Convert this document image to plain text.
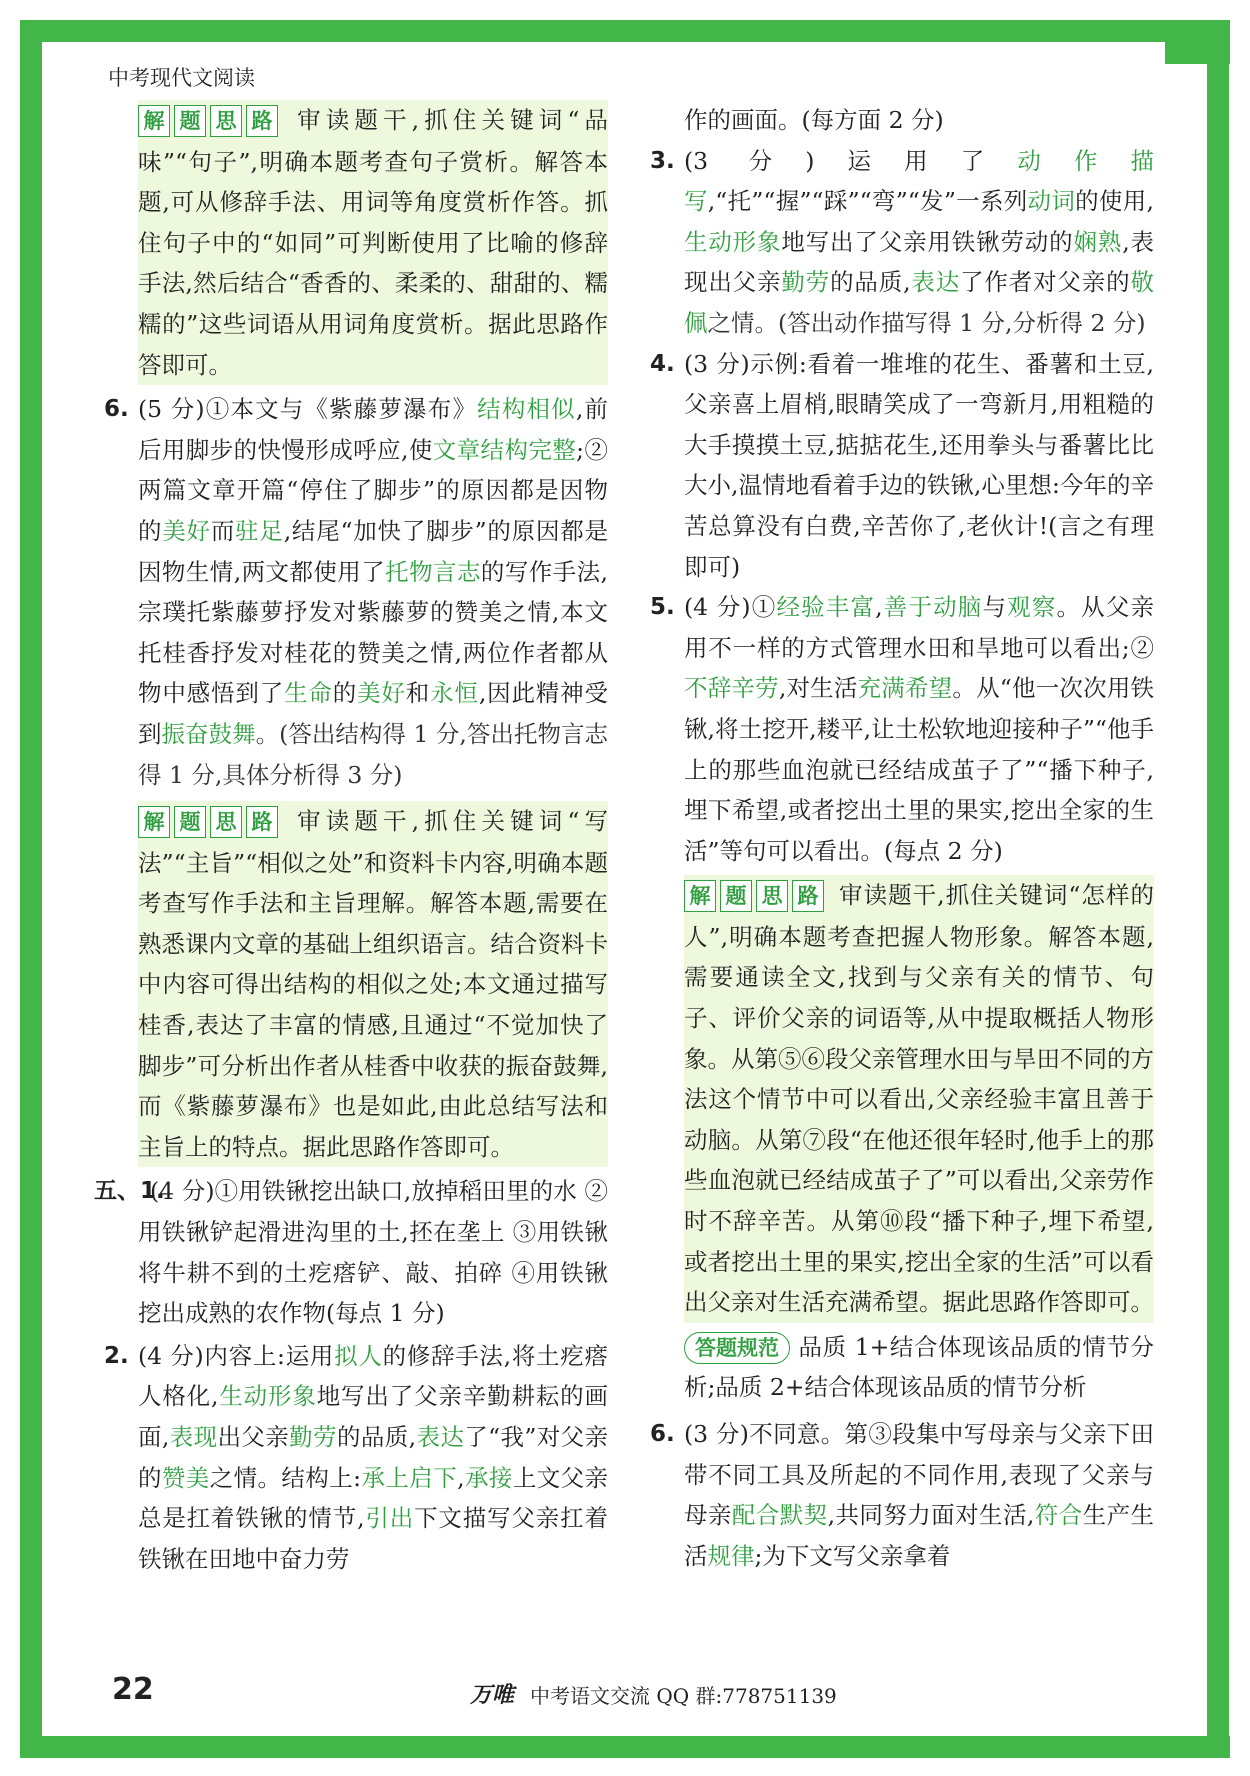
中考现代文阅读
解 题 思 路 审读题干,抓住关键词“品味”“句子”,明确本题考查句子赏析。解答本题,可从修辞手法、用词等角度赏析作答。抓住句子中的“如同”可判断使用了比喻的修辞手法,然后结合“香香的、柔柔的、甜甜的、糯糯的”这些词语从用词角度赏析。据此思路作答即可。
6. (5 分)①本文与《紫藤萝瀑布》结构相似,前后用脚步的快慢形成呼应,使文章结构完整;②两篇文章开篇“停住了脚步”的原因都是因物的美好而驻足,结尾“加快了脚步”的原因都是因物生情,两文都使用了托物言志的写作手法,宗璞托紫藤萝抒发对紫藤萝的赞美之情,本文托桂香抒发对桂花的赞美之情,两位作者都从物中感悟到了生命的美好和永恒,因此精神受到振奋鼓舞。(答出结构得 1 分,答出托物言志得 1 分,具体分析得 3 分)
解 题 思 路 审读题干,抓住关键词“写法”“主旨”“相似之处”和资料卡内容,明确本题考查写作手法和主旨理解。解答本题,需要在熟悉课内文章的基础上组织语言。结合资料卡中内容可得出结构的相似之处;本文通过描写桂香,表达了丰富的情感,且通过“不觉加快了脚步”可分析出作者从桂香中收获的振奋鼓舞,而《紫藤萝瀑布》也是如此,由此总结写法和主旨上的特点。据此思路作答即可。
五、1.
(4 分)①用铁锹挖出缺口,放掉稻田里的水 ②用铁锹铲起滑进沟里的土,抷在垄上 ③用铁锹将牛耕不到的土疙瘩铲、敲、拍碎 ④用铁锹挖出成熟的农作物(每点 1 分)
2. (4 分)内容上:运用拟人的修辞手法,将土疙瘩人格化,生动形象地写出了父亲辛勤耕耘的画面,表现出父亲勤劳的品质,表达了“我”对父亲的赞美之情。结构上:承上启下,承接上文父亲总是扛着铁锹的情节,引出下文描写父亲扛着铁锹在田地中奋力劳
作的画面。(每方面 2 分)
3. (3 分)运用了动作描写,“托”“握”“踩”“弯”“发”一系列动词的使用,生动形象地写出了父亲用铁锹劳动的娴熟,表现出父亲勤劳的品质,表达了作者对父亲的敬佩之情。(答出动作描写得 1 分,分析得 2 分)
4. (3 分)示例:看着一堆堆的花生、番薯和土豆,父亲喜上眉梢,眼睛笑成了一弯新月,用粗糙的大手摸摸土豆,掂掂花生,还用拳头与番薯比比大小,温情地看着手边的铁锹,心里想:今年的辛苦总算没有白费,辛苦你了,老伙计!(言之有理即可)
5. (4 分)①经验丰富,善于动脑与观察。从父亲用不一样的方式管理水田和旱地可以看出;②不辞辛劳,对生活充满希望。从“他一次次用铁锹,将土挖开,耧平,让土松软地迎接种子”“他手上的那些血泡就已经结成茧子了”“播下种子,埋下希望,或者挖出土里的果实,挖出全家的生活”等句可以看出。(每点 2 分)
解 题 思 路 审读题干,抓住关键词“怎样的人”,明确本题考查把握人物形象。解答本题,需要通读全文,找到与父亲有关的情节、句子、评价父亲的词语等,从中提取概括人物形象。从第⑤⑥段父亲管理水田与旱田不同的方法这个情节中可以看出,父亲经验丰富且善于动脑。从第⑦段“在他还很年轻时,他手上的那些血泡就已经结成茧子了”可以看出,父亲劳作时不辞辛苦。从第⑩段“播下种子,埋下希望,或者挖出土里的果实,挖出全家的生活”可以看出父亲对生活充满希望。据此思路作答即可。
答题规范 品质 1+结合体现该品质的情节分析;品质 2+结合体现该品质的情节分析
6. (3 分)不同意。第③段集中写母亲与父亲下田带不同工具及所起的不同作用,表现了父亲与母亲配合默契,共同努力面对生活,符合生产生活规律;为下文写父亲拿着
22	万唯 中考语文交流 QQ 群:778751139
